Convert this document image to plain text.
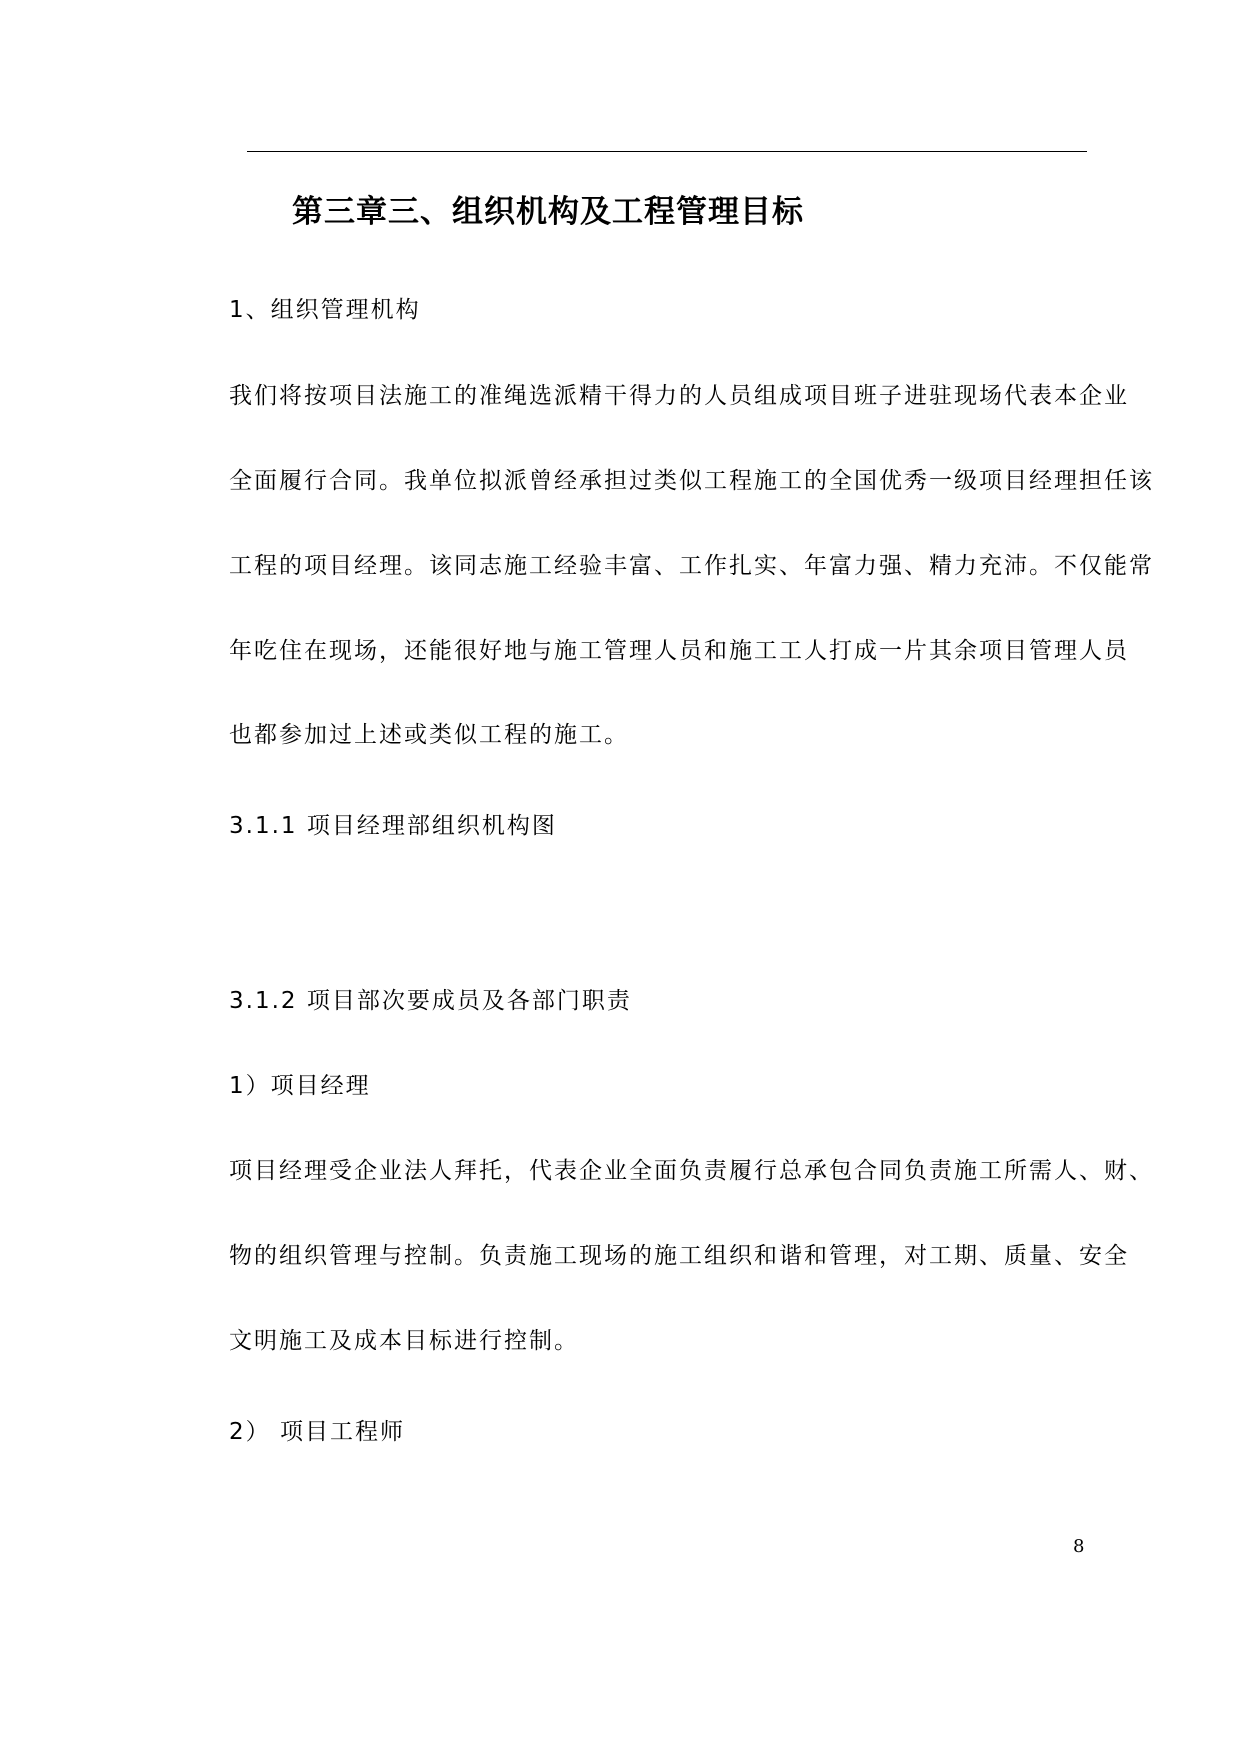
第三章三、组织机构及工程管理目标

1、组织管理机构

我们将按项目法施工的准绳选派精干得力的人员组成项目班子进驻现场代表本企业

全面履行合同。我单位拟派曾经承担过类似工程施工的全国优秀一级项目经理担任该

工程的项目经理。该同志施工经验丰富、工作扎实、年富力强、精力充沛。不仅能常

年吃住在现场，还能很好地与施工管理人员和施工工人打成一片其余项目管理人员

也都参加过上述或类似工程的施工。

3.1.1 项目经理部组织机构图

3.1.2 项目部次要成员及各部门职责

1）项目经理

项目经理受企业法人拜托，代表企业全面负责履行总承包合同负责施工所需人、财、

物的组织管理与控制。负责施工现场的施工组织和谐和管理，对工期、质量、安全

文明施工及成本目标进行控制。

2） 项目工程师

8
